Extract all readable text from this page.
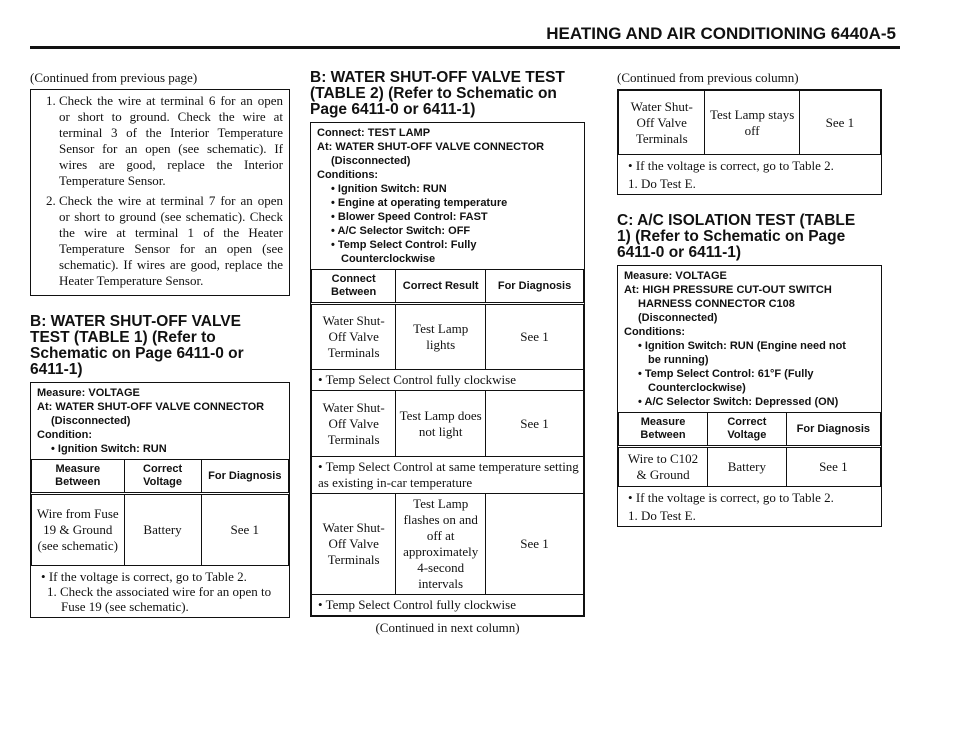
HEATING AND AIR CONDITIONING 6440A-5
(Continued from previous page)
1. Check the wire at terminal 6 for an open or short to ground. Check the wire at terminal 3 of the Interior Temperature Sensor for an open (see schematic). If wires are good, replace the Interior Temperature Sensor.
2. Check the wire at terminal 7 for an open or short to ground (see schematic). Check the wire at terminal 1 of the Heater Temperature Sensor for an open (see schematic). If wires are good, replace the Heater Temperature Sensor.
B: WATER SHUT-OFF VALVE TEST (TABLE 1) (Refer to Schematic on Page 6411-0 or 6411-1)
Measure: VOLTAGE
At: WATER SHUT-OFF VALVE CONNECTOR
(Disconnected)
Condition:
• Ignition Switch: RUN
Measure Between	Correct Voltage	For Diagnosis
Wire from Fuse 19 & Ground (see schematic)	Battery	See 1
• If the voltage is correct, go to Table 2.
1. Check the associated wire for an open to Fuse 19 (see schematic).
B: WATER SHUT-OFF VALVE TEST (TABLE 2) (Refer to Schematic on Page 6411-0 or 6411-1)
Connect: TEST LAMP
At: WATER SHUT-OFF VALVE CONNECTOR
(Disconnected)
Conditions:
• Ignition Switch: RUN
• Engine at operating temperature
• Blower Speed Control: FAST
• A/C Selector Switch: OFF
• Temp Select Control: Fully
Counterclockwise
Connect Between	Correct Result	For Diagnosis
Water Shut-Off Valve Terminals	Test Lamp lights	See 1
• Temp Select Control fully clockwise		
Water Shut-Off Valve Terminals	Test Lamp does not light	See 1
• Temp Select Control at same temperature setting as existing in-car temperature		
Water Shut-Off Valve Terminals	Test Lamp flashes on and off at approximately 4-second intervals	See 1
• Temp Select Control fully clockwise		
(Continued in next column)
(Continued from previous column)
Water Shut-Off Valve Terminals	Test Lamp stays off	See 1
• If the voltage is correct, go to Table 2.
1. Do Test E.
C: A/C ISOLATION TEST (TABLE 1) (Refer to Schematic on Page 6411-0 or 6411-1)
Measure: VOLTAGE
At: HIGH PRESSURE CUT-OUT SWITCH
HARNESS CONNECTOR C108
(Disconnected)
Conditions:
• Ignition Switch: RUN (Engine need not
be running)
• Temp Select Control: 61°F (Fully
Counterclockwise)
• A/C Selector Switch: Depressed (ON)
Measure Between	Correct Voltage	For Diagnosis
Wire to C102 & Ground	Battery	See 1
• If the voltage is correct, go to Table 2.
1. Do Test E.
